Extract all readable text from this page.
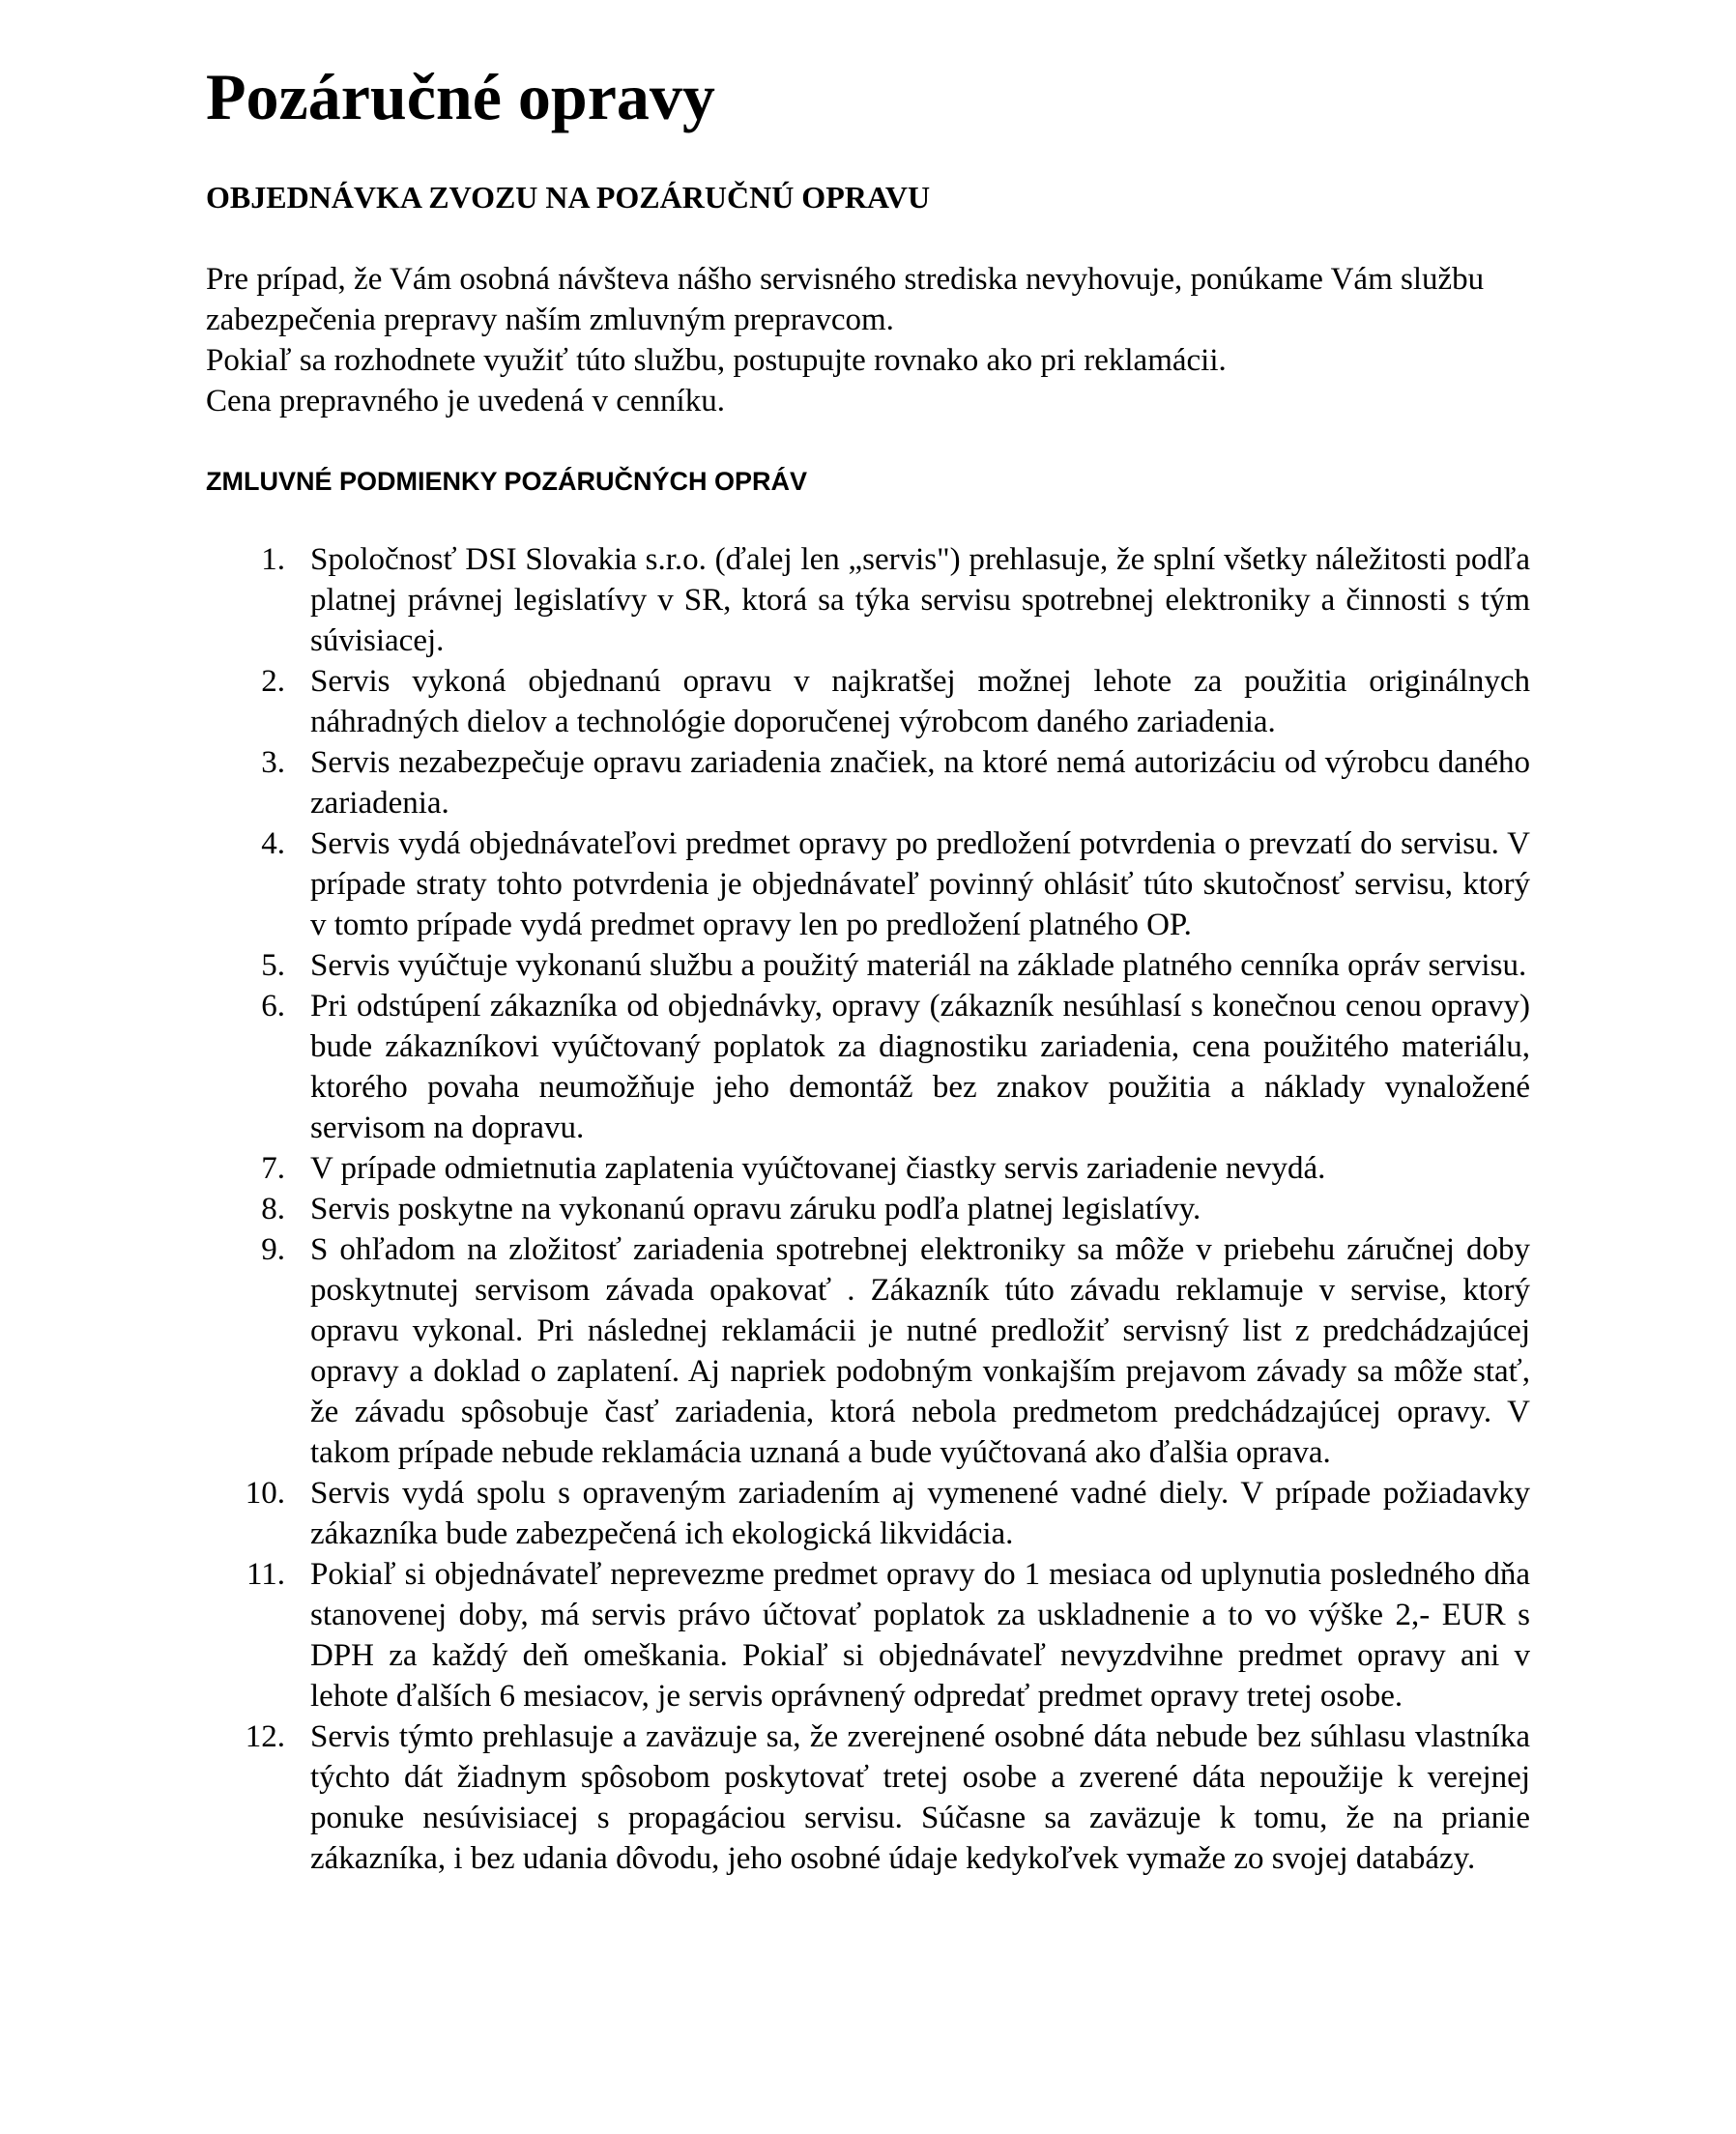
Pozáručné opravy
OBJEDNÁVKA ZVOZU NA POZÁRUČNÚ OPRAVU

Pre prípad, že Vám osobná návšteva nášho servisného strediska nevyhovuje, ponúkame Vám službu zabezpečenia prepravy naším zmluvným prepravcom.

Pokiaľ sa rozhodnete využiť túto službu, postupujte rovnako ako pri reklamácii.

Cena prepravného je uvedená v cenníku.

ZMLUVNÉ PODMIENKY POZÁRUČNÝCH OPRÁV
1. Spoločnosť DSI Slovakia s.r.o. (ďalej len „servis") prehlasuje, že splní všetky náležitosti podľa platnej právnej legislatívy v SR, ktorá sa týka servisu spotrebnej elektroniky a činnosti s tým súvisiacej.
2. Servis vykoná objednanú opravu v najkratšej možnej lehote za použitia originálnych náhradných dielov a technológie doporučenej výrobcom daného zariadenia.
3. Servis nezabezpečuje opravu zariadenia značiek, na ktoré nemá autorizáciu od výrobcu daného zariadenia.
4. Servis vydá objednávateľovi predmet opravy po predložení potvrdenia o prevzatí do servisu. V prípade straty tohto potvrdenia je objednávateľ povinný ohlásiť túto skutočnosť servisu, ktorý v tomto prípade vydá predmet opravy len po predložení platného OP.
5. Servis vyúčtuje vykonanú službu a použitý materiál na základe platného cenníka opráv servisu.
6. Pri odstúpení zákazníka od objednávky, opravy (zákazník nesúhlasí s konečnou cenou opravy) bude zákazníkovi vyúčtovaný poplatok za diagnostiku zariadenia, cena použitého materiálu, ktorého povaha neumožňuje jeho demontáž bez znakov použitia a náklady vynaložené servisom na dopravu.
7. V prípade odmietnutia zaplatenia vyúčtovanej čiastky servis zariadenie nevydá.
8. Servis poskytne na vykonanú opravu záruku podľa platnej legislatívy.
9. S ohľadom na zložitosť zariadenia spotrebnej elektroniky sa môže v priebehu záručnej doby poskytnutej servisom závada opakovať . Zákazník túto závadu reklamuje v servise, ktorý opravu vykonal. Pri následnej reklamácii je nutné predložiť servisný list z predchádzajúcej opravy a doklad o zaplatení. Aj napriek podobným vonkajším prejavom závady sa môže stať, že závadu spôsobuje časť zariadenia, ktorá nebola predmetom predchádzajúcej opravy. V takom prípade nebude reklamácia uznaná a bude vyúčtovaná ako ďalšia oprava.
10. Servis vydá spolu s opraveným zariadením aj vymenené vadné diely. V prípade požiadavky zákazníka bude zabezpečená ich ekologická likvidácia.
11. Pokiaľ si objednávateľ neprevezme predmet opravy do 1 mesiaca od uplynutia posledného dňa stanovenej doby, má servis právo účtovať poplatok za uskladnenie a to vo výške 2,- EUR s DPH za každý deň omeškania. Pokiaľ si objednávateľ nevyzdvihne predmet opravy ani v lehote ďalších 6 mesiacov, je servis oprávnený odpredať predmet opravy tretej osobe.
12. Servis týmto prehlasuje a zaväzuje sa, že zverejnené osobné dáta nebude bez súhlasu vlastníka týchto dát žiadnym spôsobom poskytovať tretej osobe a zverené dáta nepoužije k verejnej ponuke nesúvisiacej s propagáciou servisu. Súčasne sa zaväzuje k tomu, že na prianie zákazníka, i bez udania dôvodu, jeho osobné údaje kedykoľvek vymaže zo svojej databázy.
